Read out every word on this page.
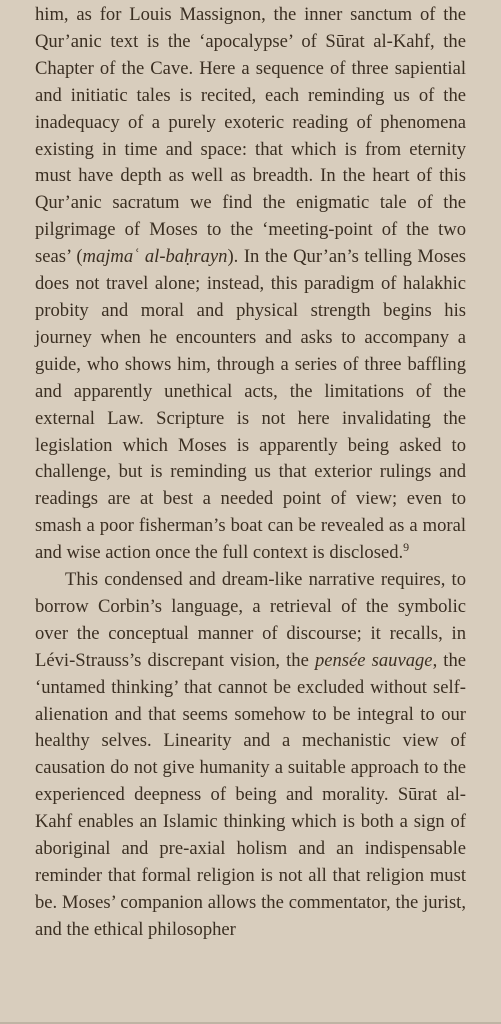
him, as for Louis Massignon, the inner sanctum of the Qur’anic text is the ‘apocalypse’ of Sūrat al-Kahf, the Chapter of the Cave. Here a sequence of three sapiential and initiatic tales is recited, each reminding us of the inadequacy of a purely exoteric reading of phenomena existing in time and space: that which is from eternity must have depth as well as breadth. In the heart of this Qur’anic sacratum we find the enigmatic tale of the pilgrimage of Moses to the ‘meeting-point of the two seas’ (majmaʿ al-baḥrayn). In the Qur’an’s telling Moses does not travel alone; instead, this paradigm of halakhic probity and moral and physical strength begins his journey when he encounters and asks to accompany a guide, who shows him, through a series of three baffling and apparently unethical acts, the limitations of the external Law. Scripture is not here invalidating the legislation which Moses is apparently being asked to challenge, but is reminding us that exterior rulings and readings are at best a needed point of view; even to smash a poor fisherman’s boat can be revealed as a moral and wise action once the full context is disclosed.$^9$

This condensed and dream-like narrative requires, to borrow Corbin’s language, a retrieval of the symbolic over the conceptual manner of discourse; it recalls, in Lévi-Strauss’s discrepant vision, the pensée sauvage, the ‘untamed thinking’ that cannot be excluded without self-alienation and that seems somehow to be integral to our healthy selves. Linearity and a mechanistic view of causation do not give humanity a suitable approach to the experienced deepness of being and morality. Sūrat al-Kahf enables an Islamic thinking which is both a sign of aboriginal and pre-axial holism and an indispensable reminder that formal religion is not all that religion must be. Moses’ companion allows the commentator, the jurist, and the ethical philosopher
